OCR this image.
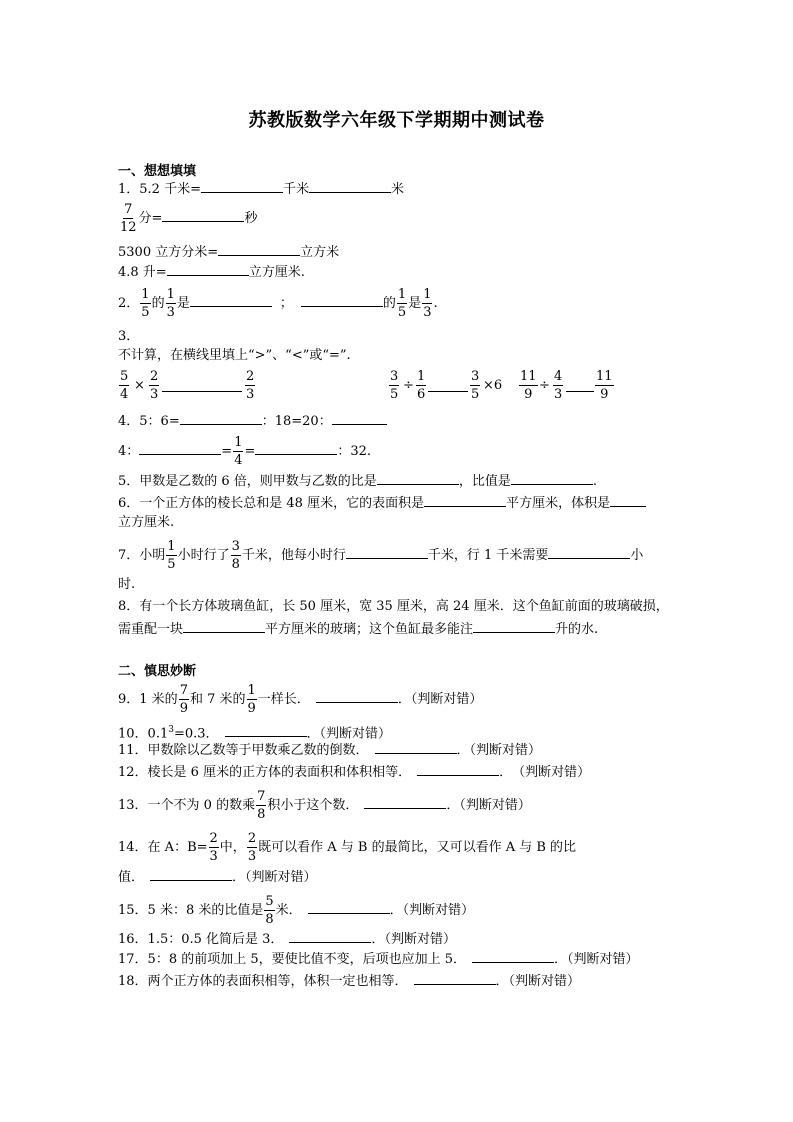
苏教版数学六年级下学期期中测试卷
一、想想填填
1．5.2 千米=	千米	米
$\frac{7}{12}$ 分=	秒
5300 立方分米=	立方米
4.8 升=	立方厘米.
2． $\frac{1}{5}$ 的 $\frac{1}{3}$ 是	；	的 $\frac{1}{5}$ 是 $\frac{1}{3}$ .
3．
不计算，在横线里填上“>”、“<”或“=”.
$\frac{5}{4} \times \frac{2}{3}$	$\frac{2}{3}$	$\frac{3}{5} \div \frac{1}{6}$	$\frac{3}{5} \times 6 \frac{11}{9} \div \frac{4}{3} \frac{11}{9}$
4．5：6=	：18=20：
4：	= $\frac{1}{4}$ =	：32.
5．甲数是乙数的 6 倍，则甲数与乙数的比是	，比值是	.
6．一个正方体的棱长总和是 48 厘米，它的表面积是	平方厘米，体积是
立方厘米.
7．小明 $\frac{1}{5}$ 小时行了 $\frac{3}{8}$ 千米，他每小时行	千米，行 1 千米需要	小
时.
8．有一个长方体玻璃鱼缸，长 50 厘米，宽 35 厘米，高 24 厘米．这个鱼缸前面的玻璃破损，
需重配一块	平方厘米的玻璃；这个鱼缸最多能注	升的水.
二、慎思妙断
9．1 米的 $\frac{7}{9}$ 和 7 米的 $\frac{1}{9}$ 一样长．	．（判断对错）
10．$0.1^3=0.3$．	．（判断对错）
11．甲数除以乙数等于甲数乘乙数的倒数．	．（判断对错）
12．棱长是 6 厘米的正方体的表面积和体积相等．	．　（判断对错）
13．一个不为 0 的数乘 $\frac{7}{8}$ 积小于这个数．	．（判断对错）
14．在 A：$B= \frac{2}{3}$ 中， $\frac{2}{3}$ 既可以看作 A 与 B 的最简比，又可以看作 A 与 B 的比
值．	．（判断对错）
15．5 米：8 米的比值是 $\frac{5}{8}$ 米．	．（判断对错）
16．1.5：0.5 化简后是 3．	．（判断对错）
17．5：8 的前项加上 5，要使比值不变，后项也应加上 5．	．（判断对错）
18．两个正方体的表面积相等，体积一定也相等．	．（判断对错）
